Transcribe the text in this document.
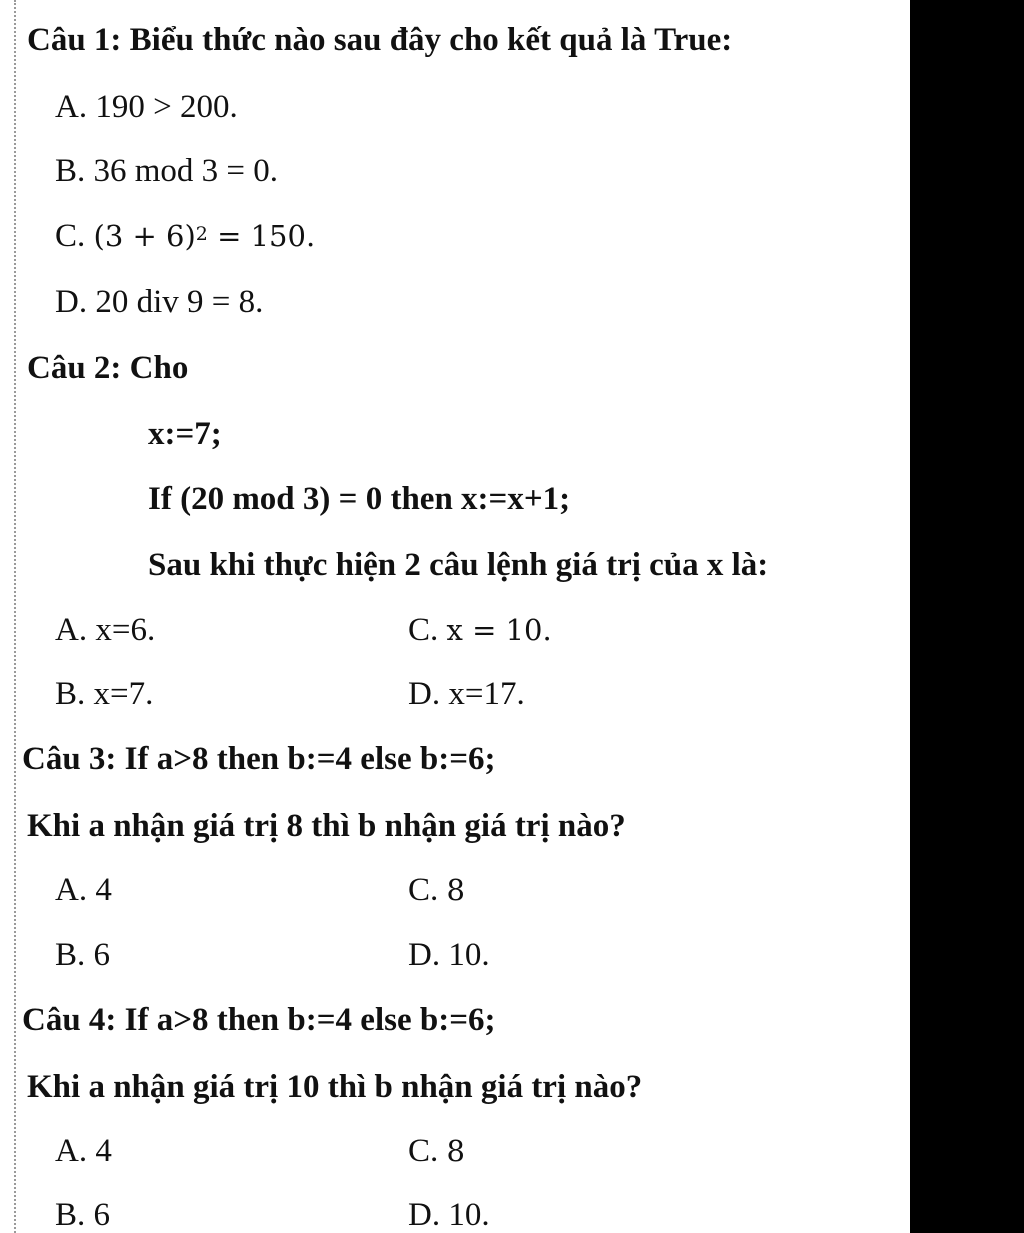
Câu 1: Biểu thức nào sau đây cho kết quả là True:
A. 190 > 200.
B. 36 mod 3 = 0.
C. $(3 + 6)^2 = 150$.
D. 20 div 9 = 8.
Câu 2: Cho
x:=7;
If (20 mod 3) = 0 then x:=x+1;
Sau khi thực hiện 2 câu lệnh giá trị của x là:
A. x=6.	C. x = 10.
B. x=7.	D. x=17.
Câu 3: If a>8 then b:=4 else b:=6;
Khi a nhận giá trị 8 thì b nhận giá trị nào?
A. 4	C. 8
B. 6	D. 10.
Câu 4: If a>8 then b:=4 else b:=6;
Khi a nhận giá trị 10 thì b nhận giá trị nào?
A. 4	C. 8
B. 6	D. 10.
